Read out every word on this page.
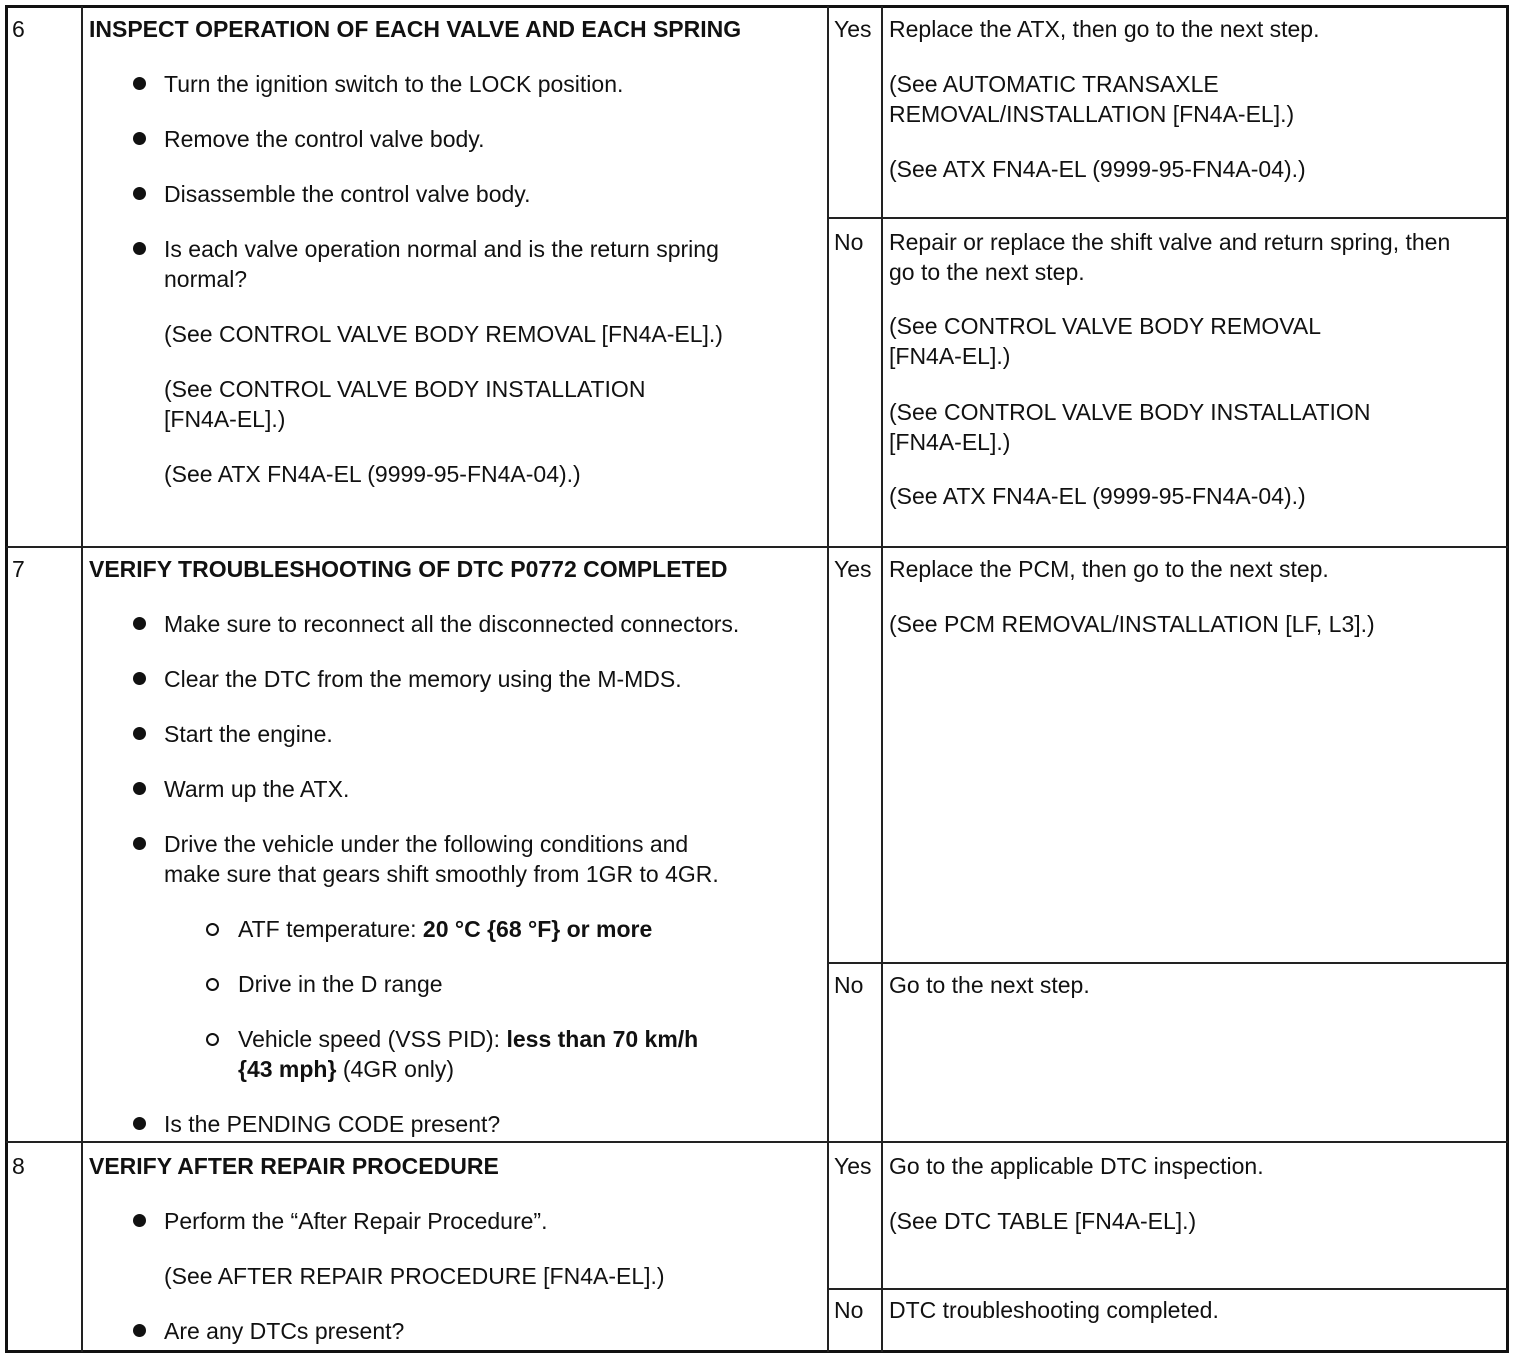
6	INSPECT OPERATION OF EACH VALVE AND EACH SPRING
Turn the ignition switch to the LOCK position.
Remove the control valve body.
Disassemble the control valve body.
Is each valve operation normal and is the return spring
normal?
(See CONTROL VALVE BODY REMOVAL [FN4A-EL].)
(See CONTROL VALVE BODY INSTALLATION
[FN4A-EL].)
(See ATX FN4A-EL (9999-95-FN4A-04).)
Yes Replace the ATX, then go to the next step.
(See AUTOMATIC TRANSAXLE
REMOVAL/INSTALLATION [FN4A-EL].)
(See ATX FN4A-EL (9999-95-FN4A-04).)
No Repair or replace the shift valve and return spring, then
go to the next step.
(See CONTROL VALVE BODY REMOVAL
[FN4A-EL].)
(See CONTROL VALVE BODY INSTALLATION
[FN4A-EL].)
(See ATX FN4A-EL (9999-95-FN4A-04).)
7	VERIFY TROUBLESHOOTING OF DTC P0772 COMPLETED
Make sure to reconnect all the disconnected connectors.
Clear the DTC from the memory using the M-MDS.
Start the engine.
Warm up the ATX.
Drive the vehicle under the following conditions and
make sure that gears shift smoothly from 1GR to 4GR.
ATF temperature: 20 °C {68 °F} or more
Drive in the D range
Vehicle speed (VSS PID): less than 70 km/h
{43 mph} (4GR only)
Is the PENDING CODE present?
Yes Replace the PCM, then go to the next step.
(See PCM REMOVAL/INSTALLATION [LF, L3].)
No Go to the next step.
8	VERIFY AFTER REPAIR PROCEDURE
Perform the “After Repair Procedure”.
(See AFTER REPAIR PROCEDURE [FN4A-EL].)
Are any DTCs present?
Yes Go to the applicable DTC inspection.
(See DTC TABLE [FN4A-EL].)
No DTC troubleshooting completed.
